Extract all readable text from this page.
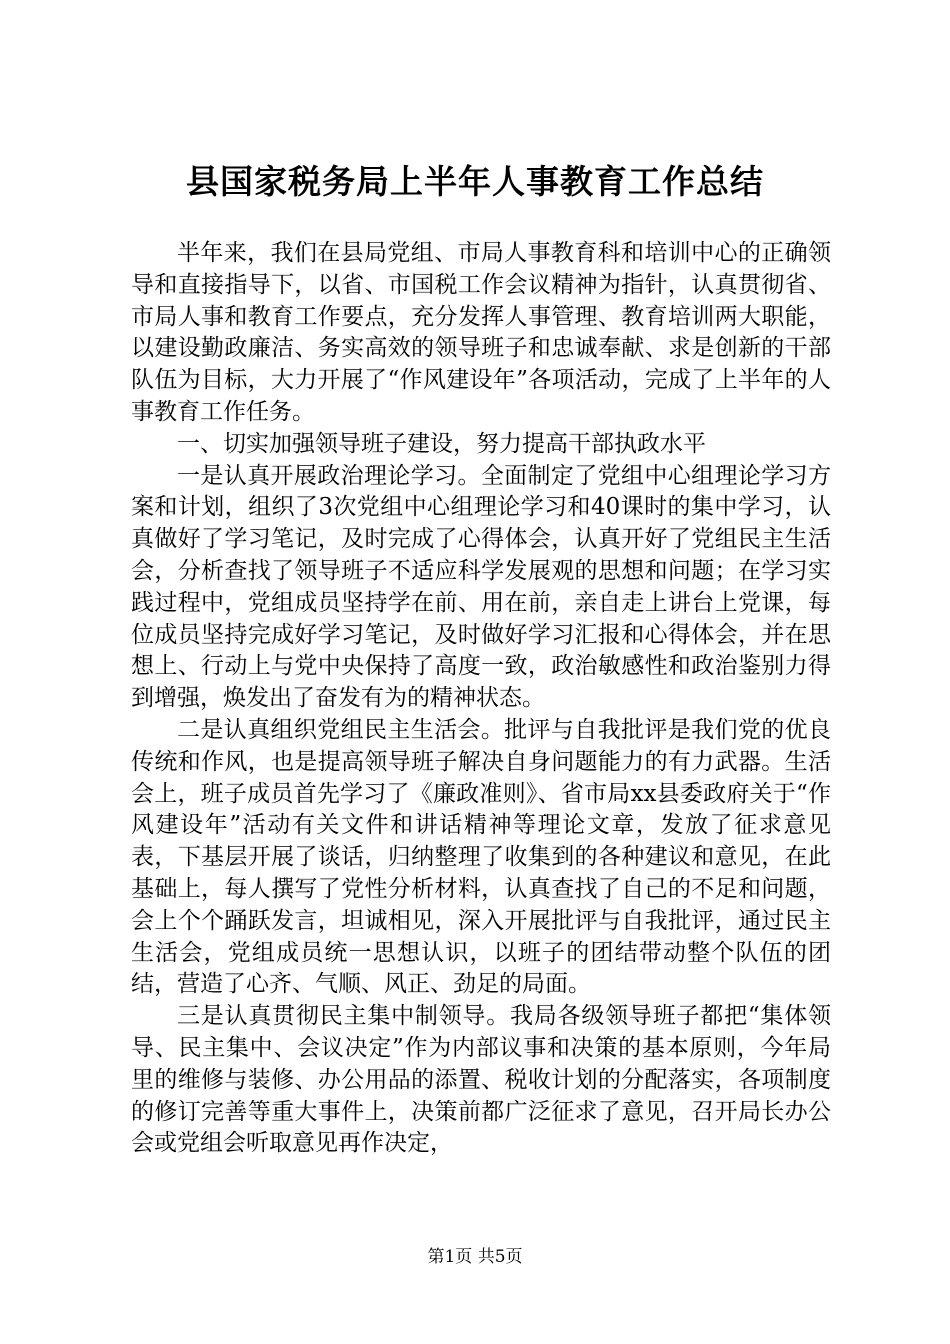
县国家税务局上半年人事教育工作总结

半年来，我们在县局党组、市局人事教育科和培训中心的正确领导和直接指导下，以省、市国税工作会议精神为指针，认真贯彻省、市局人事和教育工作要点，充分发挥人事管理、教育培训两大职能，以建设勤政廉洁、务实高效的领导班子和忠诚奉献、求是创新的干部队伍为目标，大力开展了“作风建设年”各项活动，完成了上半年的人事教育工作任务。

一、切实加强领导班子建设，努力提高干部执政水平

一是认真开展政治理论学习。全面制定了党组中心组理论学习方案和计划，组织了3次党组中心组理论学习和40课时的集中学习，认真做好了学习笔记，及时完成了心得体会，认真开好了党组民主生活会，分析查找了领导班子不适应科学发展观的思想和问题；在学习实践过程中，党组成员坚持学在前、用在前，亲自走上讲台上党课，每位成员坚持完成好学习笔记，及时做好学习汇报和心得体会，并在思想上、行动上与党中央保持了高度一致，政治敏感性和政治鉴别力得到增强，焕发出了奋发有为的精神状态。

二是认真组织党组民主生活会。批评与自我批评是我们党的优良传统和作风，也是提高领导班子解决自身问题能力的有力武器。生活会上，班子成员首先学习了《廉政准则》、省市局xx县委政府关于“作风建设年”活动有关文件和讲话精神等理论文章，发放了征求意见表，下基层开展了谈话，归纳整理了收集到的各种建议和意见，在此基础上，每人撰写了党性分析材料，认真查找了自己的不足和问题，会上个个踊跃发言，坦诚相见，深入开展批评与自我批评，通过民主生活会，党组成员统一思想认识，以班子的团结带动整个队伍的团结，营造了心齐、气顺、风正、劲足的局面。

三是认真贯彻民主集中制领导。我局各级领导班子都把“集体领导、民主集中、会议决定”作为内部议事和决策的基本原则，今年局里的维修与装修、办公用品的添置、税收计划的分配落实，各项制度的修订完善等重大事件上，决策前都广泛征求了意见，召开局长办公会或党组会听取意见再作决定，

第1页 共5页
